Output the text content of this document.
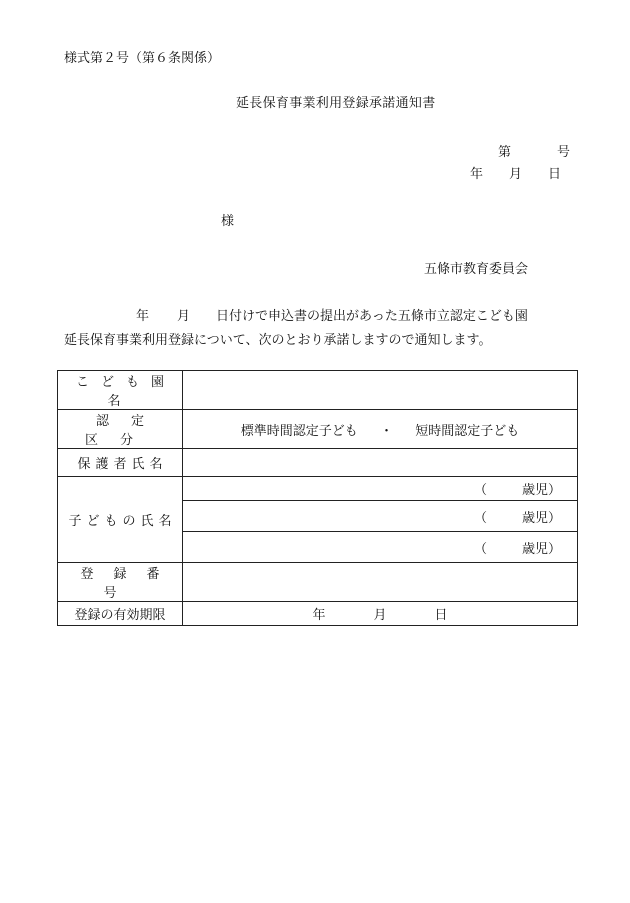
様式第２号（第６条関係）
延長保育事業利用登録承諾通知書
第	号
年 月 日
様
五條市教育委員会
年 月 日付けで申込書の提出があった五條市立認定こども園
延長保育事業利用登録について、次のとおり承諾しますので通知します。
こども園名	
認定区分	標準時間認定子ども ・ 短時間認定子ども
保護者氏名	
子どもの氏名	（ 歳児）
	（ 歳児）
	（ 歳児）
登録番号	
登録の有効期限	年 月 日
